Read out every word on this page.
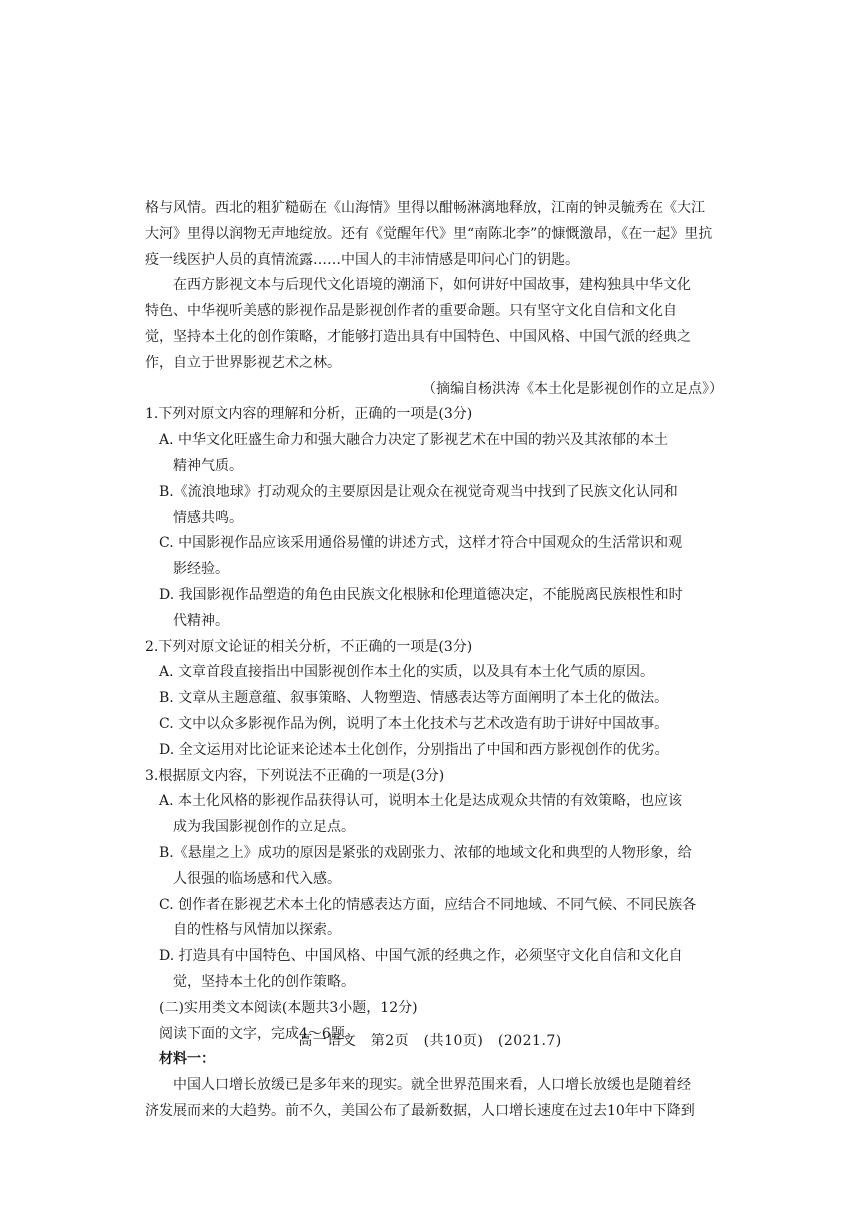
格与风情。西北的粗犷糙砺在《山海情》里得以酣畅淋漓地释放，江南的钟灵毓秀在《大江
大河》里得以润物无声地绽放。还有《觉醒年代》里“南陈北李”的慷慨激昂，《在一起》里抗
疫一线医护人员的真情流露……中国人的丰沛情感是叩问心门的钥匙。
在西方影视文本与后现代文化语境的潮涌下，如何讲好中国故事，建构独具中华文化
特色、中华视听美感的影视作品是影视创作者的重要命题。只有坚守文化自信和文化自
觉，坚持本土化的创作策略，才能够打造出具有中国特色、中国风格、中国气派的经典之
作，自立于世界影视艺术之林。
（摘编自杨洪涛《本土化是影视创作的立足点》）
1.下列对原文内容的理解和分析，正确的一项是(3分)
A. 中华文化旺盛生命力和强大融合力决定了影视艺术在中国的勃兴及其浓郁的本土
精神气质。
B.《流浪地球》打动观众的主要原因是让观众在视觉奇观当中找到了民族文化认同和
情感共鸣。
C. 中国影视作品应该采用通俗易懂的讲述方式，这样才符合中国观众的生活常识和观
影经验。
D. 我国影视作品塑造的角色由民族文化根脉和伦理道德决定，不能脱离民族根性和时
代精神。
2.下列对原文论证的相关分析，不正确的一项是(3分)
A. 文章首段直接指出中国影视创作本土化的实质，以及具有本土化气质的原因。
B. 文章从主题意蕴、叙事策略、人物塑造、情感表达等方面阐明了本土化的做法。
C. 文中以众多影视作品为例，说明了本土化技术与艺术改造有助于讲好中国故事。
D. 全文运用对比论证来论述本土化创作，分别指出了中国和西方影视创作的优劣。
3.根据原文内容，下列说法不正确的一项是(3分)
A. 本土化风格的影视作品获得认可，说明本土化是达成观众共情的有效策略，也应该
成为我国影视创作的立足点。
B.《悬崖之上》成功的原因是紧张的戏剧张力、浓郁的地域文化和典型的人物形象，给
人很强的临场感和代入感。
C. 创作者在影视艺术本土化的情感表达方面，应结合不同地域、不同气候、不同民族各
自的性格与风情加以探索。
D. 打造具有中国特色、中国风格、中国气派的经典之作，必须坚守文化自信和文化自
觉，坚持本土化的创作策略。
(二)实用类文本阅读(本题共3小题，12分)
阅读下面的文字，完成4～6题。
材料一：
中国人口增长放缓已是多年来的现实。就全世界范围来看，人口增长放缓也是随着经
济发展而来的大趋势。前不久，美国公布了最新数据，人口增长速度在过去10年中下降到
高一语文　第2页　(共10页)　(2021.7)
